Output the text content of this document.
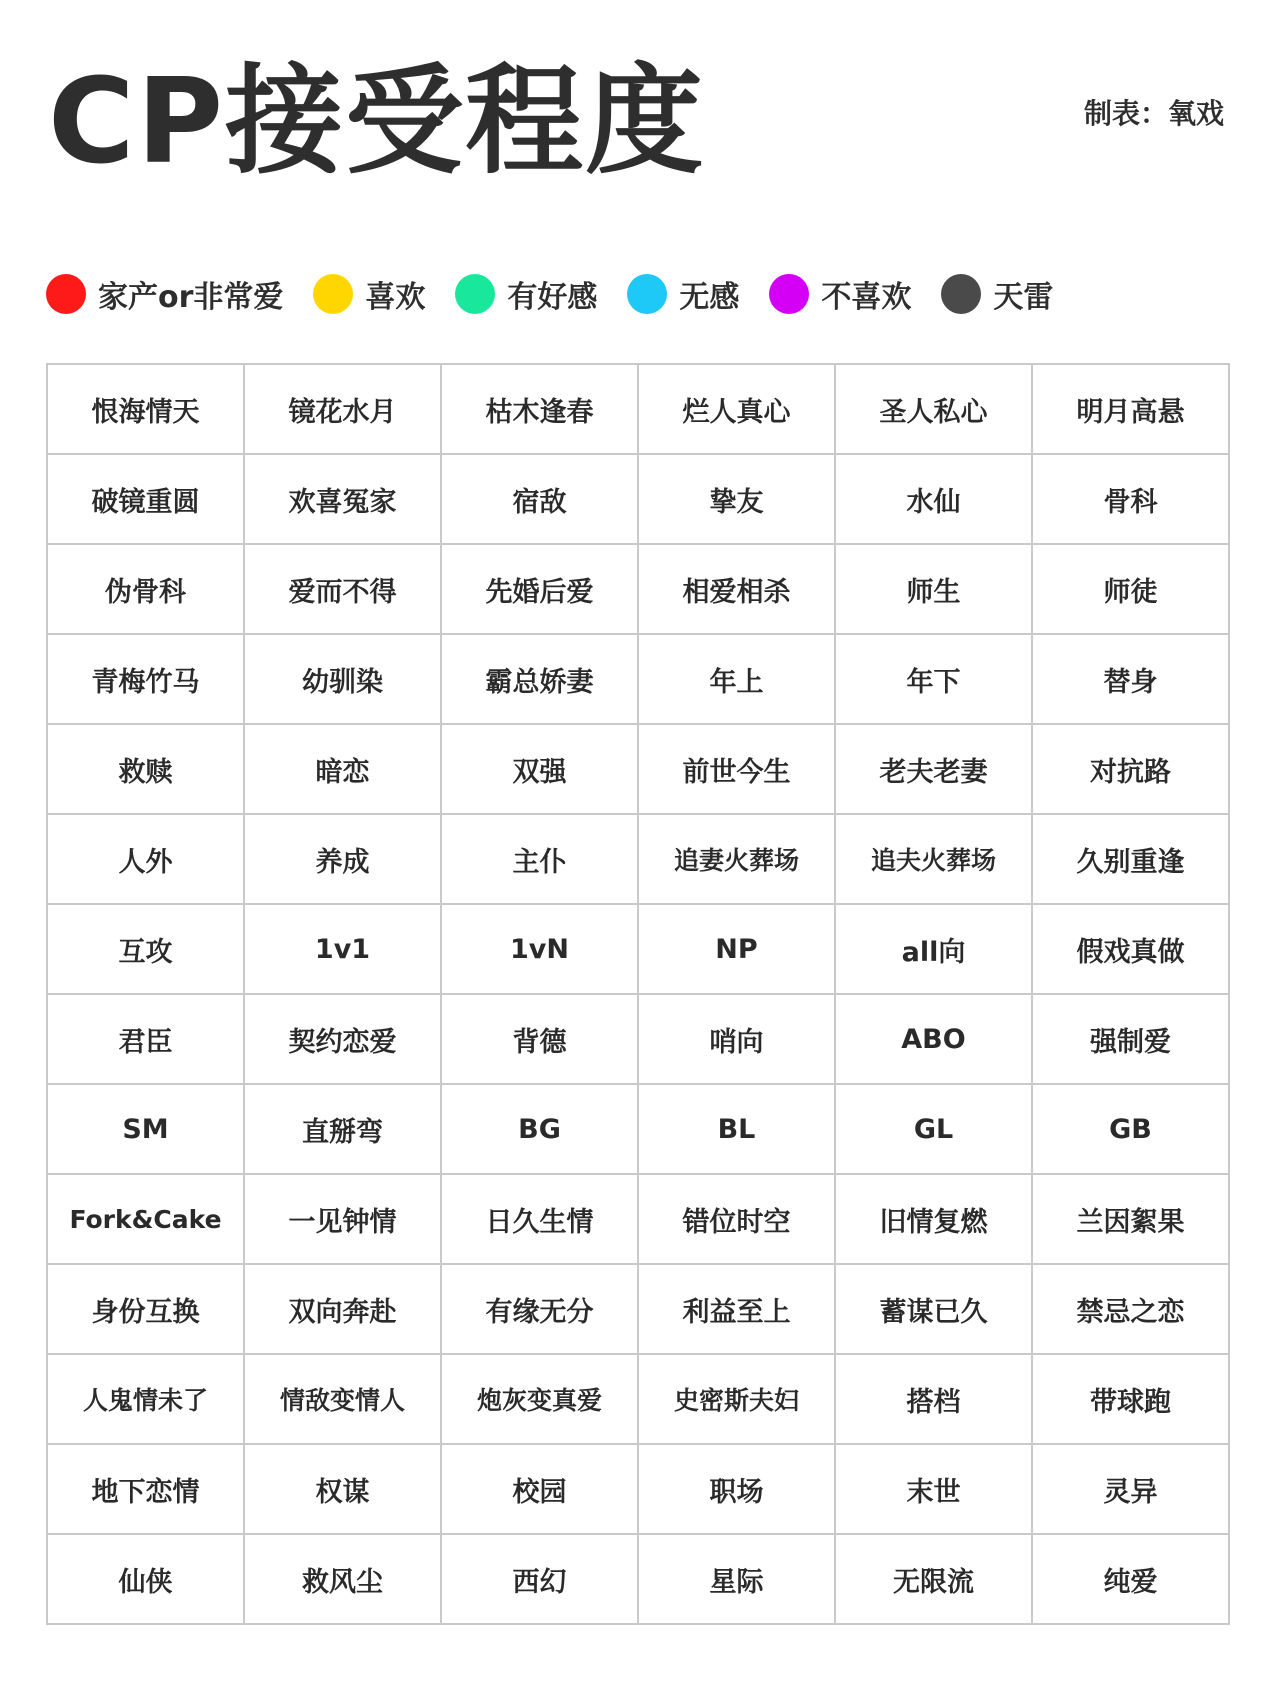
CP接受程度	制表：氧戏
家产or非常爱	喜欢	有好感	无感	不喜欢	天雷
恨海情天	镜花水月	枯木逢春	烂人真心	圣人私心	明月高悬
破镜重圆	欢喜冤家	宿敌	挚友	水仙	骨科
伪骨科	爱而不得	先婚后爱	相爱相杀	师生	师徒
青梅竹马	幼驯染	霸总娇妻	年上	年下	替身
救赎	暗恋	双强	前世今生	老夫老妻	对抗路
人外	养成	主仆	追妻火葬场	追夫火葬场	久别重逢
互攻	1v1	1vN	NP	all向	假戏真做
君臣	契约恋爱	背德	哨向	ABO	强制爱
SM	直掰弯	BG	BL	GL	GB
Fork&Cake	一见钟情	日久生情	错位时空	旧情复燃	兰因絮果
身份互换	双向奔赴	有缘无分	利益至上	蓄谋已久	禁忌之恋
人鬼情未了	情敌变情人	炮灰变真爱	史密斯夫妇	搭档	带球跑
地下恋情	权谋	校园	职场	末世	灵异
仙侠	救风尘	西幻	星际	无限流	纯爱
